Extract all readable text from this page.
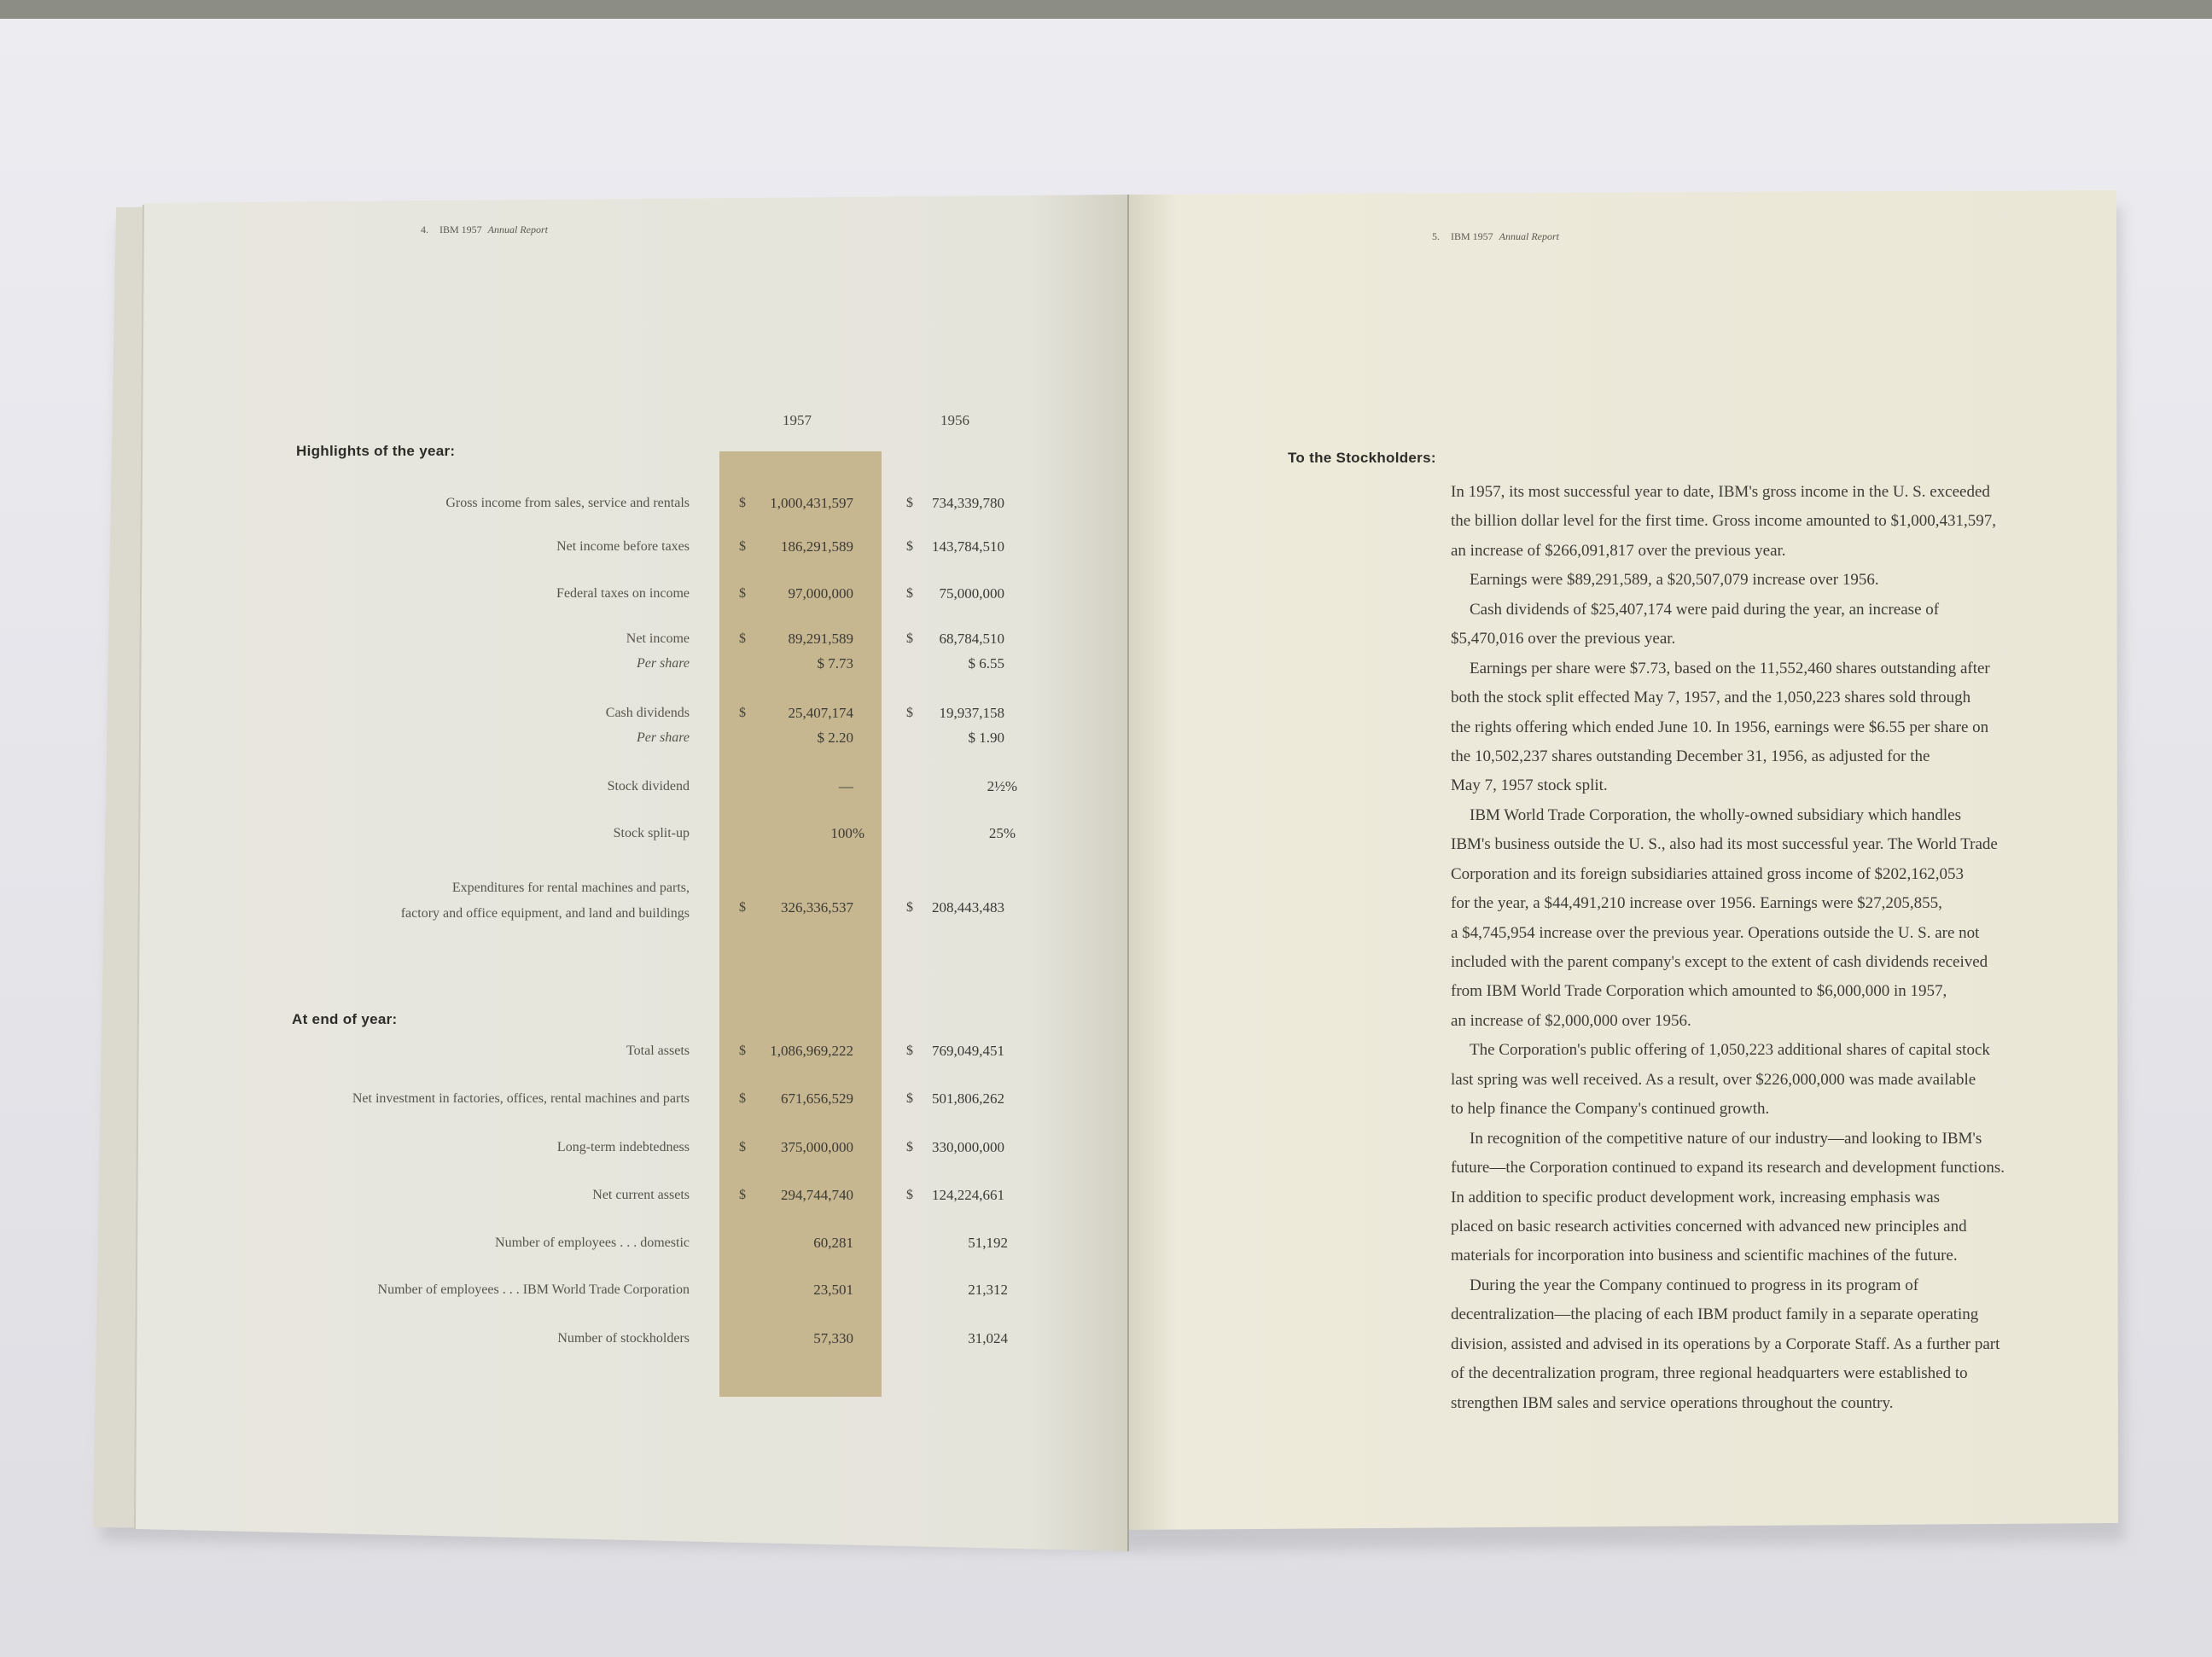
4. IBM 1957 Annual Report
1957	1956
Highlights of the year:
Gross income from sales, service and rentals	$	1,000,431,597	$	734,339,780
Net income before taxes	$	186,291,589	$	143,784,510
Federal taxes on income	$	97,000,000	$	75,000,000
Net income	$	89,291,589	$	68,784,510
Per share	$ 7.73	$ 6.55
Cash dividends	$	25,407,174	$	19,937,158
Per share	$ 2.20	$ 1.90
Stock dividend	—	2½%
Stock split-up	100%	25%
Expenditures for rental machines and parts,
factory and office equipment, and land and buildings	$	326,336,537	$	208,443,483
At end of year:
Total assets	$	1,086,969,222	$	769,049,451
Net investment in factories, offices, rental machines and parts	$	671,656,529	$	501,806,262
Long-term indebtedness	$	375,000,000	$	330,000,000
Net current assets	$	294,744,740	$	124,224,661
Number of employees . . . domestic	60,281	51,192
Number of employees . . . IBM World Trade Corporation	23,501	21,312
Number of stockholders	57,330	31,024
5. IBM 1957 Annual Report
To the Stockholders:
In 1957, its most successful year to date, IBM's gross income in the U. S. exceeded
the billion dollar level for the first time. Gross income amounted to $1,000,431,597,
an increase of $266,091,817 over the previous year.
Earnings were $89,291,589, a $20,507,079 increase over 1956.
Cash dividends of $25,407,174 were paid during the year, an increase of
$5,470,016 over the previous year.
Earnings per share were $7.73, based on the 11,552,460 shares outstanding after
both the stock split effected May 7, 1957, and the 1,050,223 shares sold through
the rights offering which ended June 10. In 1956, earnings were $6.55 per share on
the 10,502,237 shares outstanding December 31, 1956, as adjusted for the
May 7, 1957 stock split.
IBM World Trade Corporation, the wholly-owned subsidiary which handles
IBM's business outside the U. S., also had its most successful year. The World Trade
Corporation and its foreign subsidiaries attained gross income of $202,162,053
for the year, a $44,491,210 increase over 1956. Earnings were $27,205,855,
a $4,745,954 increase over the previous year. Operations outside the U. S. are not
included with the parent company's except to the extent of cash dividends received
from IBM World Trade Corporation which amounted to $6,000,000 in 1957,
an increase of $2,000,000 over 1956.
The Corporation's public offering of 1,050,223 additional shares of capital stock
last spring was well received. As a result, over $226,000,000 was made available
to help finance the Company's continued growth.
In recognition of the competitive nature of our industry—and looking to IBM's
future—the Corporation continued to expand its research and development functions.
In addition to specific product development work, increasing emphasis was
placed on basic research activities concerned with advanced new principles and
materials for incorporation into business and scientific machines of the future.
During the year the Company continued to progress in its program of
decentralization—the placing of each IBM product family in a separate operating
division, assisted and advised in its operations by a Corporate Staff. As a further part
of the decentralization program, three regional headquarters were established to
strengthen IBM sales and service operations throughout the country.
